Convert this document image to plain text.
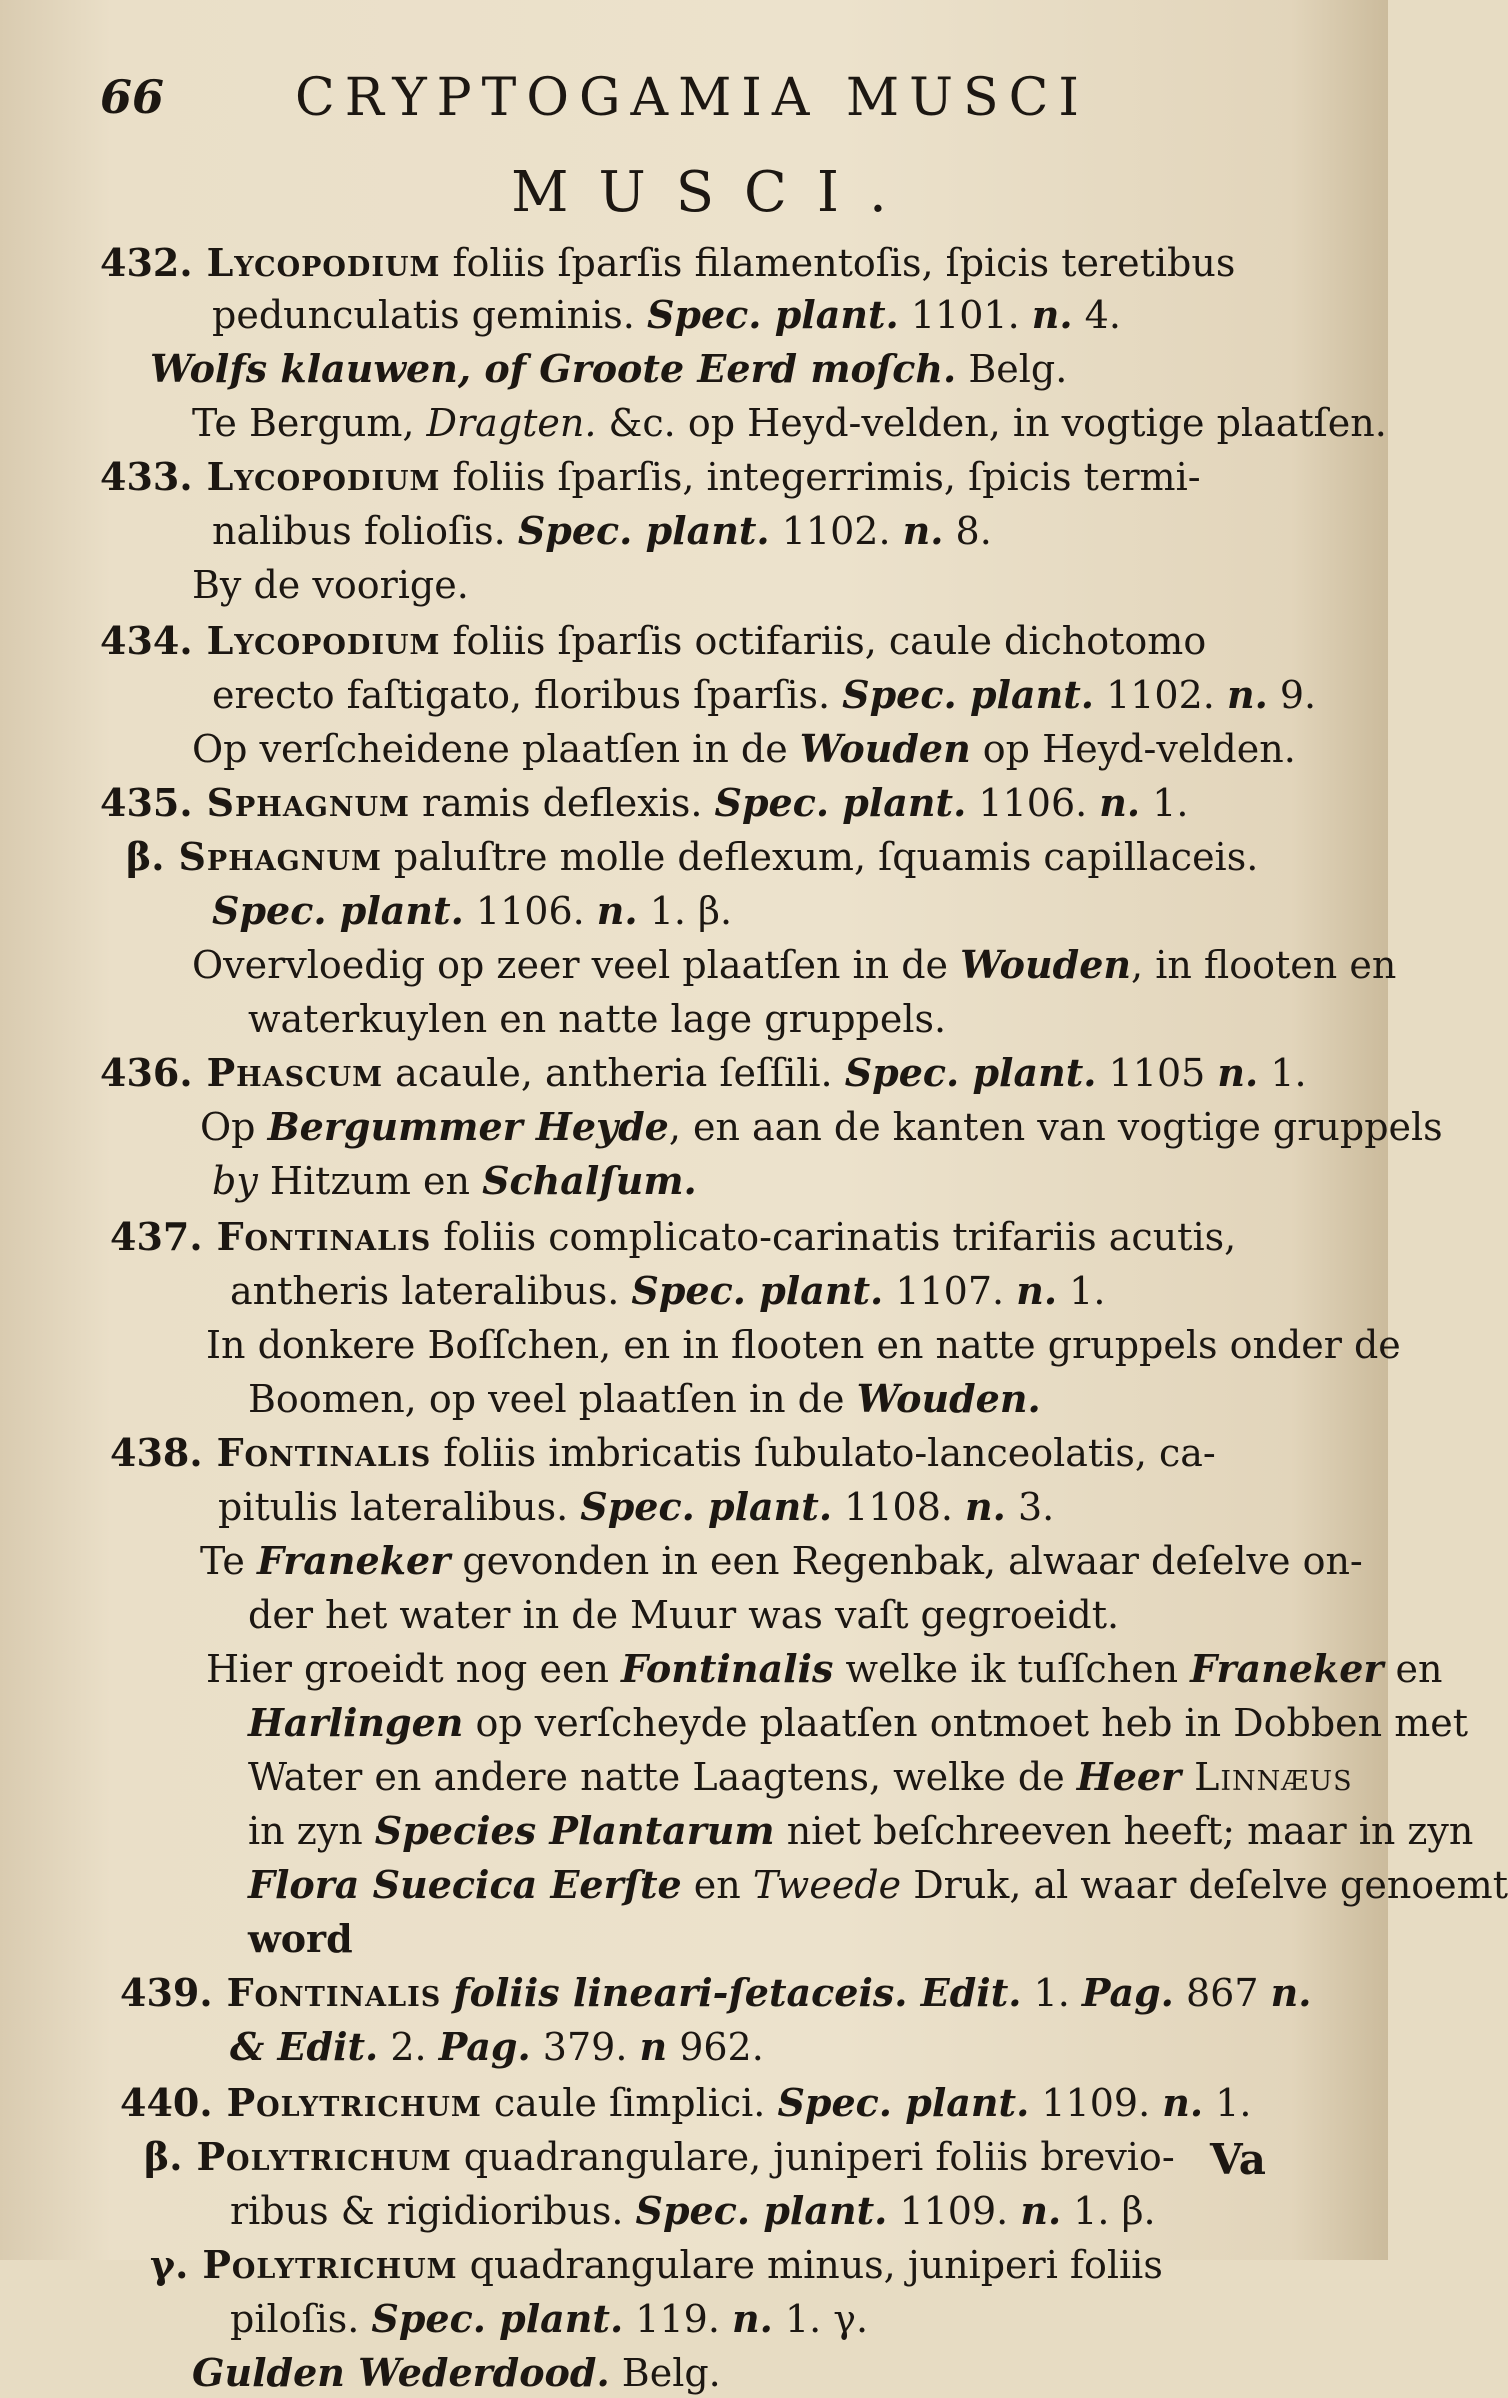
66	CRYPTOGAMIA MUSCI
MUSCI.
432. Lycopodium foliis ſparſis filamentoſis, ſpicis teretibus
pedunculatis geminis. Spec. plant. 1101. n. 4.
Wolfs klauwen, of Groote Eerd moſch. Belg.
Te Bergum, Dragten. &c. op Heyd-velden, in vogtige plaatſen.
433. Lycopodium foliis ſparſis, integerrimis, ſpicis termi-
nalibus folioſis. Spec. plant. 1102. n. 8.
By de voorige.
434. Lycopodium foliis ſparſis octifariis, caule dichotomo
erecto faſtigato, floribus ſparſis. Spec. plant. 1102. n. 9.
Op verſcheidene plaatſen in de Wouden op Heyd-velden.
435. Sphagnum ramis deflexis. Spec. plant. 1106. n. 1.
β. Sphagnum paluſtre molle deflexum, ſquamis capillaceis.
Spec. plant. 1106. n. 1. β.
Overvloedig op zeer veel plaatſen in de Wouden, in flooten en
waterkuylen en natte lage gruppels.
436. Phascum acaule, antheria ſeſſili. Spec. plant. 1105 n. 1.
Op Bergummer Heyde, en aan de kanten van vogtige gruppels
by Hitzum en Schalſum.
437. Fontinalis foliis complicato-carinatis trifariis acutis,
antheris lateralibus. Spec. plant. 1107. n. 1.
In donkere Boſſchen, en in flooten en natte gruppels onder de
Boomen, op veel plaatſen in de Wouden.
438. Fontinalis foliis imbricatis ſubulato-lanceolatis, ca-
pitulis lateralibus. Spec. plant. 1108. n. 3.
Te Franeker gevonden in een Regenbak, alwaar deſelve on-
der het water in de Muur was vaſt gegroeidt.
Hier groeidt nog een Fontinalis welke ik tuſſchen Franeker en
Harlingen op verſcheyde plaatſen ontmoet heb in Dobben met
Water en andere natte Laagtens, welke de Heer Linnæus
in zyn Species Plantarum niet beſchreeven heeft; maar in zyn
Flora Suecica Eerſte en Tweede Druk, al waar deſelve genoemt
word
439. Fontinalis foliis lineari-ſetaceis. Edit. 1. Pag. 867 n.
& Edit. 2. Pag. 379. n 962.
440. Polytrichum caule ſimplici. Spec. plant. 1109. n. 1.
β. Polytrichum quadrangulare, juniperi foliis brevio-
ribus & rigidioribus. Spec. plant. 1109. n. 1. β.
γ. Polytrichum quadrangulare minus, juniperi foliis
piloſis. Spec. plant. 119. n. 1. γ.
Gulden Wederdood. Belg.
Va
